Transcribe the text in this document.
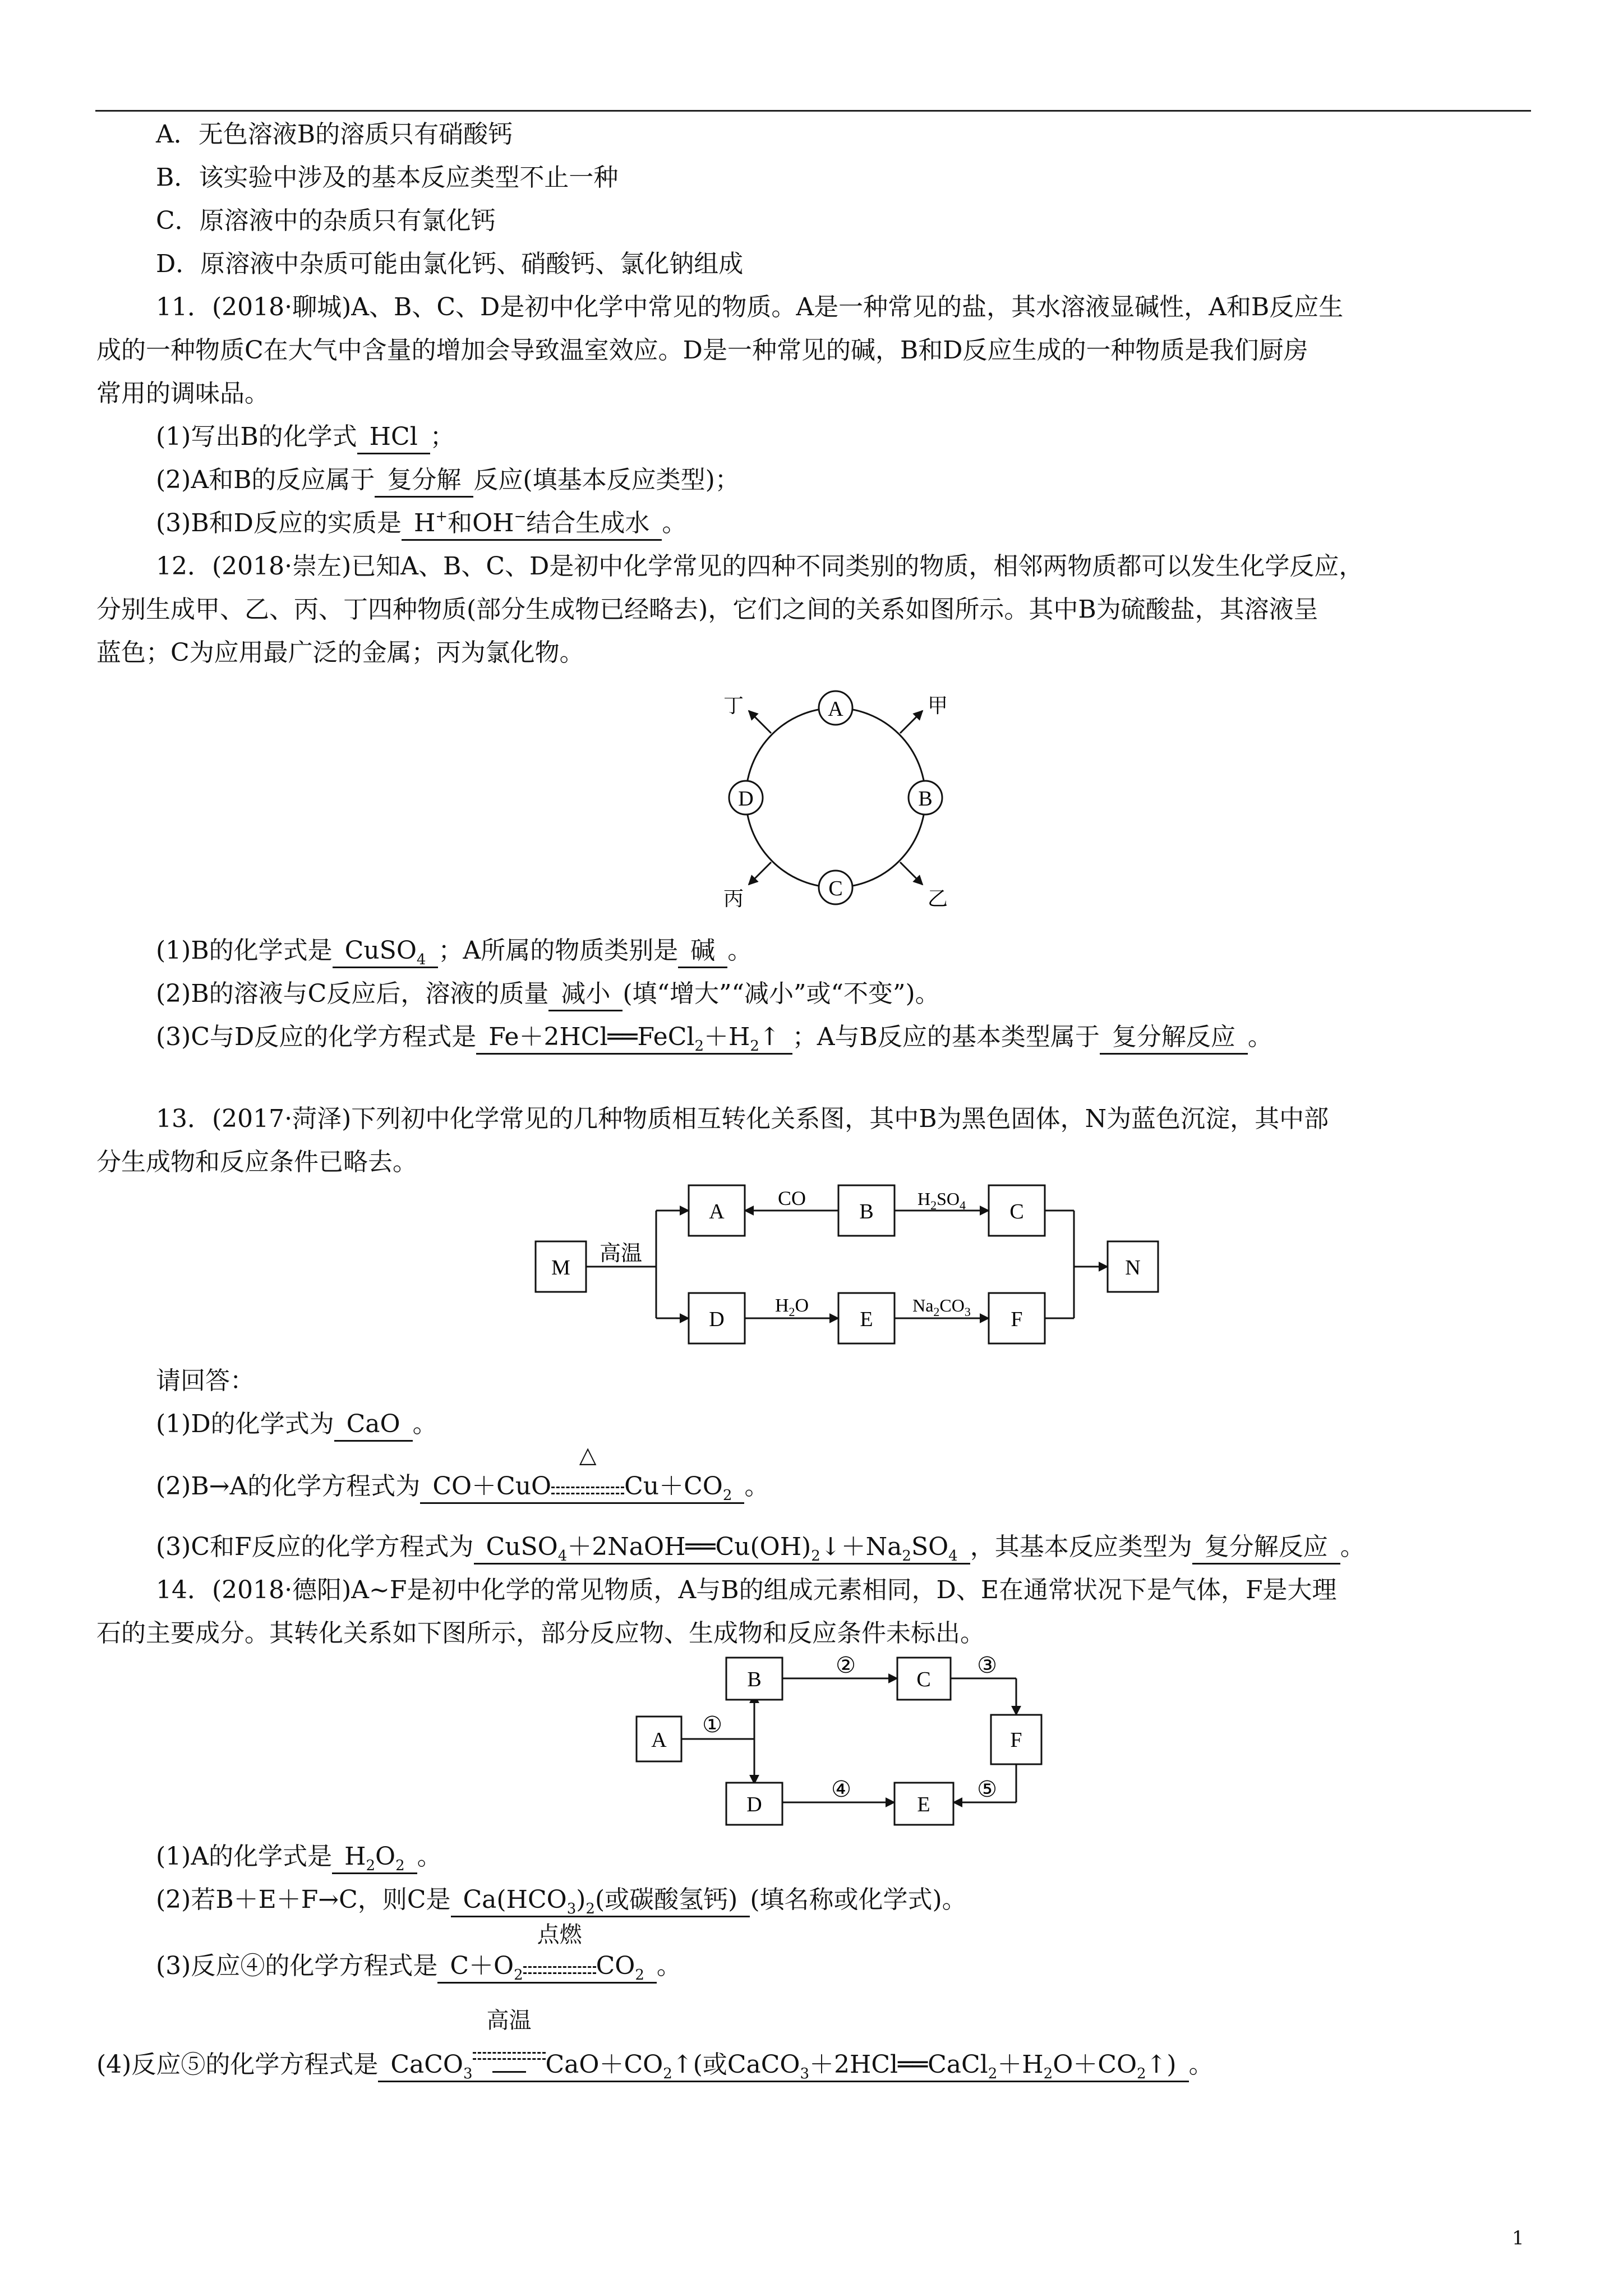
A．无色溶液B的溶质只有硝酸钙
B．该实验中涉及的基本反应类型不止一种
C．原溶液中的杂质只有氯化钙
D．原溶液中杂质可能由氯化钙、硝酸钙、氯化钠组成
11．(2018·聊城)A、B、C、D是初中化学中常见的物质。A是一种常见的盐，其水溶液显碱性，A和B反应生
成的一种物质C在大气中含量的增加会导致温室效应。D是一种常见的碱，B和D反应生成的一种物质是我们厨房
常用的调味品。
(1)写出B的化学式 HCl ；
(2)A和B的反应属于 复分解 反应(填基本反应类型)；
(3)B和D反应的实质是 H+和OH−结合生成水 。
12．(2018·崇左)已知A、B、C、D是初中化学常见的四种不同类别的物质，相邻两物质都可以发生化学反应，
分别生成甲、乙、丙、丁四种物质(部分生成物已经略去)，它们之间的关系如图所示。其中B为硫酸盐，其溶液呈
蓝色；C为应用最广泛的金属；丙为氯化物。
A
B
C
D
丁	甲
丙	乙
(1)B的化学式是 CuSO$_4$ ；A所属的物质类别是 碱 。
(2)B的溶液与C反应后，溶液的质量 减小 (填“增大”“减小”或“不变”)。
(3)C与D反应的化学方程式是 $Fe+2HCl══FeCl_2+H_2↑$ ；A与B反应的基本类型属于 复分解反应 。
13．(2017·菏泽)下列初中化学常见的几种物质相互转化关系图，其中B为黑色固体，N为蓝色沉淀，其中部
分生成物和反应条件已略去。
M
A	B	C
D	E	F
N
高温
CO	$H_2SO_4$
$H_2O$	$Na_2CO_3$
请回答：
(1)D的化学式为 CaO 。
(2)B→A的化学方程式为 CO＋CuO
△
$Cu+CO_2$ 。
(3)C和F反应的化学方程式为 $CuSO_4+2NaOH══Cu(OH)_2↓+Na_2SO_4$ ，其基本反应类型为 复分解反应 。
14．(2018·德阳)A~F是初中化学的常见物质，A与B的组成元素相同，D、E在通常状况下是气体，F是大理
石的主要成分。其转化关系如下图所示，部分反应物、生成物和反应条件未标出。
A
B	C
F
D	E
①
②	③
④	⑤
(1)A的化学式是 $H_2O_2$ 。
(2)若B＋E＋F→C，则C是 $Ca(HCO_3)_2$(或碳酸氢钙) (填名称或化学式)。
(3)反应④的化学方程式是 $C+O_2$
点燃
$CO_2$ 。
(4)反应⑤的化学方程式是 CaCO$_3$
高温
$CaO+CO_2↑$(或$CaCO_3+2HCl══CaCl_2+H_2O+CO_2↑$) 。
1
